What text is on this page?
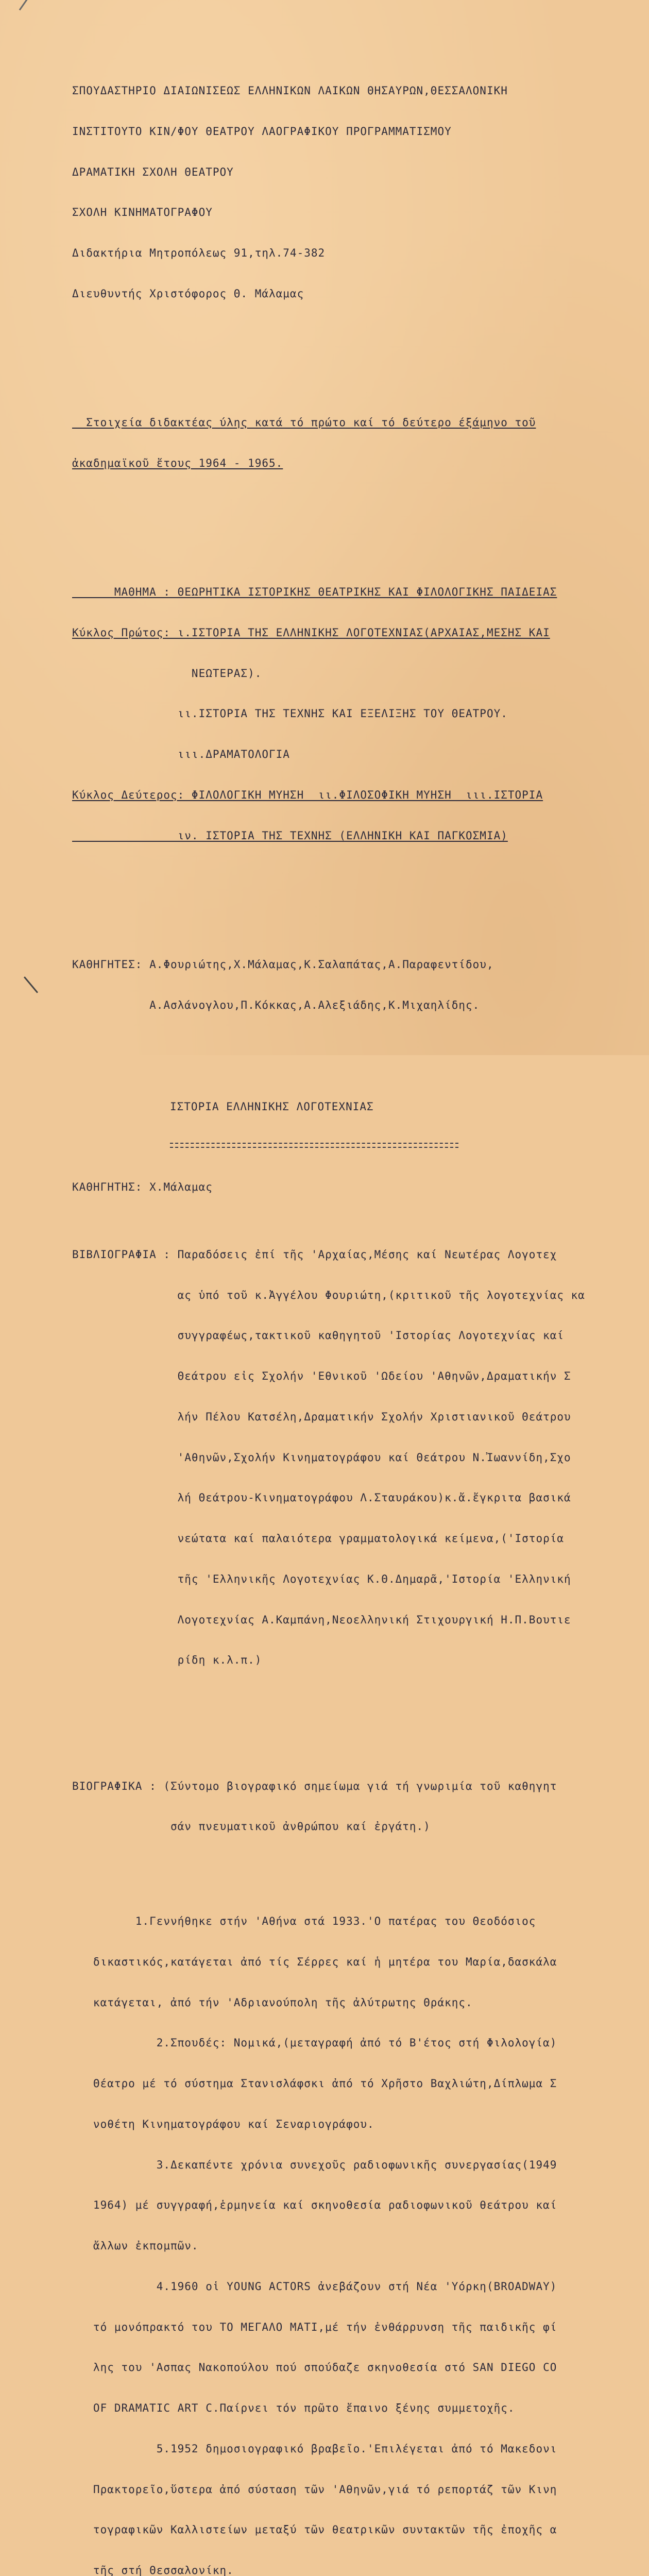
ΣΠΟΥΔΑΣΤΗΡΙΟ ΔΙΑΙΩΝΙΣΕΩΣ ΕΛΛΗΝΙΚΩΝ ΛΑΙΚΩΝ ΘΗΣΑΥΡΩΝ,ΘΕΣΣΑΛΟΝΙΚΗ

ΙΝΣΤΙΤΟΥΤΟ ΚΙΝ/ΦΟΥ ΘΕΑΤΡΟΥ ΛΑΟΓΡΑΦΙΚΟΥ ΠΡΟΓΡΑΜΜΑΤΙΣΜΟΥ

ΔΡΑΜΑΤΙΚΗ ΣΧΟΛΗ ΘΕΑΤΡΟΥ

ΣΧΟΛΗ ΚΙΝΗΜΑΤΟΓΡΑΦΟΥ

Διδακτήρια Μητροπόλεως 91,τηλ.74-382

Διευθυντής Χριστόφορος Θ. Μάλαμας

Στοιχεία διδακτέας ύλης κατά τό πρώτο καί τό δεύτερο έξάμηνο τοῦ

ἀκαδημαϊκοῦ ἔτους 1964 - 1965.

ΜΑΘΗΜΑ : ΘΕΩΡΗΤΙΚΑ ΙΣΤΟΡΙΚΗΣ ΘΕΑΤΡΙΚΗΣ ΚΑΙ ΦΙΛΟΛΟΓΙΚΗΣ ΠΑΙΔΕΙΑΣ

Κύκλος Πρώτος: ι.ΙΣΤΟΡΙΑ ΤΗΣ ΕΛΛΗΝΙΚΗΣ ΛΟΓΟΤΕΧΝΙΑΣ(ΑΡΧΑΙΑΣ,ΜΕΣΗΣ ΚΑΙ

ΝΕΩΤΕΡΑΣ).

ιι.ΙΣΤΟΡΙΑ ΤΗΣ ΤΕΧΝΗΣ ΚΑΙ ΕΞΕΛΙΞΗΣ ΤΟΥ ΘΕΑΤΡΟΥ.

ιιι.ΔΡΑΜΑΤΟΛΟΓΙΑ

Κύκλος Δεύτερος: ΦΙΛΟΛΟΓΙΚΗ ΜΥΗΣΗ  ιι.ΦΙΛΟΣΟΦΙΚΗ ΜΥΗΣΗ  ιιι.ΙΣΤΟΡΙΑ

ιν. ΙΣΤΟΡΙΑ ΤΗΣ ΤΕΧΝΗΣ (ΕΛΛΗΝΙΚΗ ΚΑΙ ΠΑΓΚΟΣΜΙΑ)

ΚΑΘΗΓΗΤΕΣ: Α.Φουριώτης,Χ.Μάλαμας,Κ.Σαλαπάτας,Α.Παραφεντίδου,

Α.Ασλάνογλου,Π.Κόκκας,Α.Αλεξιάδης,Κ.Μιχαηλίδης.

ΙΣΤΟΡΙΑ ΕΛΛΗΝΙΚΗΣ ΛΟΓΟΤΕΧΝΙΑΣ

ΚΑΘΗΓΗΤΗΣ: Χ.Μάλαμας

ΒΙΒΛΙΟΓΡΑΦΙΑ : Παραδόσεις ἐπί τῆς 'Αρχαίας,Μέσης καί Νεωτέρας Λογοτεχ

ας ὑπό τοῦ κ.Ἀγγέλου Φουριώτη,(κριτικοῦ τῆς λογοτεχνίας κα

συγγραφέως,τακτικοῦ καθηγητοῦ 'Ιστορίας Λογοτεχνίας καί

Θεάτρου εἰς Σχολήν 'Εθνικοῦ 'Ωδείου 'Αθηνῶν,Δραματικήν Σ

λήν Πέλου Κατσέλη,Δραματικήν Σχολήν Χριστιανικοῦ Θεάτρου

'Αθηνῶν,Σχολήν Κινηματογράφου καί Θεάτρου Ν.Ἰωαννίδη,Σχο

λή Θεάτρου-Κινηματογράφου Λ.Σταυράκου)κ.ἄ.ἔγκριτα βασικά

νεώτατα καί παλαιότερα γραμματολογικά κείμενα,('Ιστορία

τῆς 'Ελληνικῆς Λογοτεχνίας Κ.Θ.Δημαρᾶ,'Ιστορία 'Ελληνική

Λογοτεχνίας Α.Καμπάνη,Νεοελληνική Στιχουργική Η.Π.Βουτιε

ρίδη κ.λ.π.)

ΒΙΟΓΡΑΦΙΚΑ : (Σύντομο βιογραφικό σημείωμα γιά τή γνωριμία τοῦ καθηγητ

σάν πνευματικοῦ ἀνθρώπου καί ἐργάτη.)

1.Γεννήθηκε στήν 'Αθήνα στά 1933.'Ο πατέρας του Θεοδόσιος

δικαστικός,κατάγεται ἀπό τίς Σέρρες καί ἡ μητέρα του Μαρία,δασκάλα

κατάγεται, ἀπό τήν 'Αδριανούπολη τῆς ἀλύτρωτης Θράκης.

2.Σπουδές: Νομικά,(μεταγραφή ἀπό τό Β'έτος στή Φιλολογία)

Θέατρο μέ τό σύστημα Στανισλάφσκι ἀπό τό Χρῆστο Βαχλιώτη,Δίπλωμα Σ

νοθέτη Κινηματογράφου καί Σεναριογράφου.

3.Δεκαπέντε χρόνια συνεχοῦς ραδιοφωνικῆς συνεργασίας(1949

1964) μέ συγγραφή,ἑρμηνεία καί σκηνοθεσία ραδιοφωνικοῦ θεάτρου καί

ἄλλων ἐκπομπῶν.

4.1960 οἱ YOUNG ACTORS ἀνεβάζουν στή Νέα 'Υόρκη(BROADWAY)

τό μονόπρακτό του ΤΟ ΜΕΓΑΛΟ ΜΑΤΙ,μέ τήν ἐνθάρρυνση τῆς παιδικῆς φί

λης του 'Ασπας Νακοπούλου πού σπούδαζε σκηνοθεσία στό SAN DIEGO CO

OF DRAMATIC ART C.Παίρνει τόν πρῶτο ἔπαινο ξένης συμμετοχῆς.

5.1952 δημοσιογραφικό βραβεῖο.'Επιλέγεται ἀπό τό Μακεδονι

Πρακτορεῖο,ὕστερα ἀπό σύσταση τῶν 'Αθηνῶν,γιά τό ρεπορτάζ τῶν Κινη

τογραφικῶν Καλλιστείων μεταξύ τῶν θεατρικῶν συντακτῶν τῆς ἐποχῆς α

τῆς στή Θεσσαλονίκη.
